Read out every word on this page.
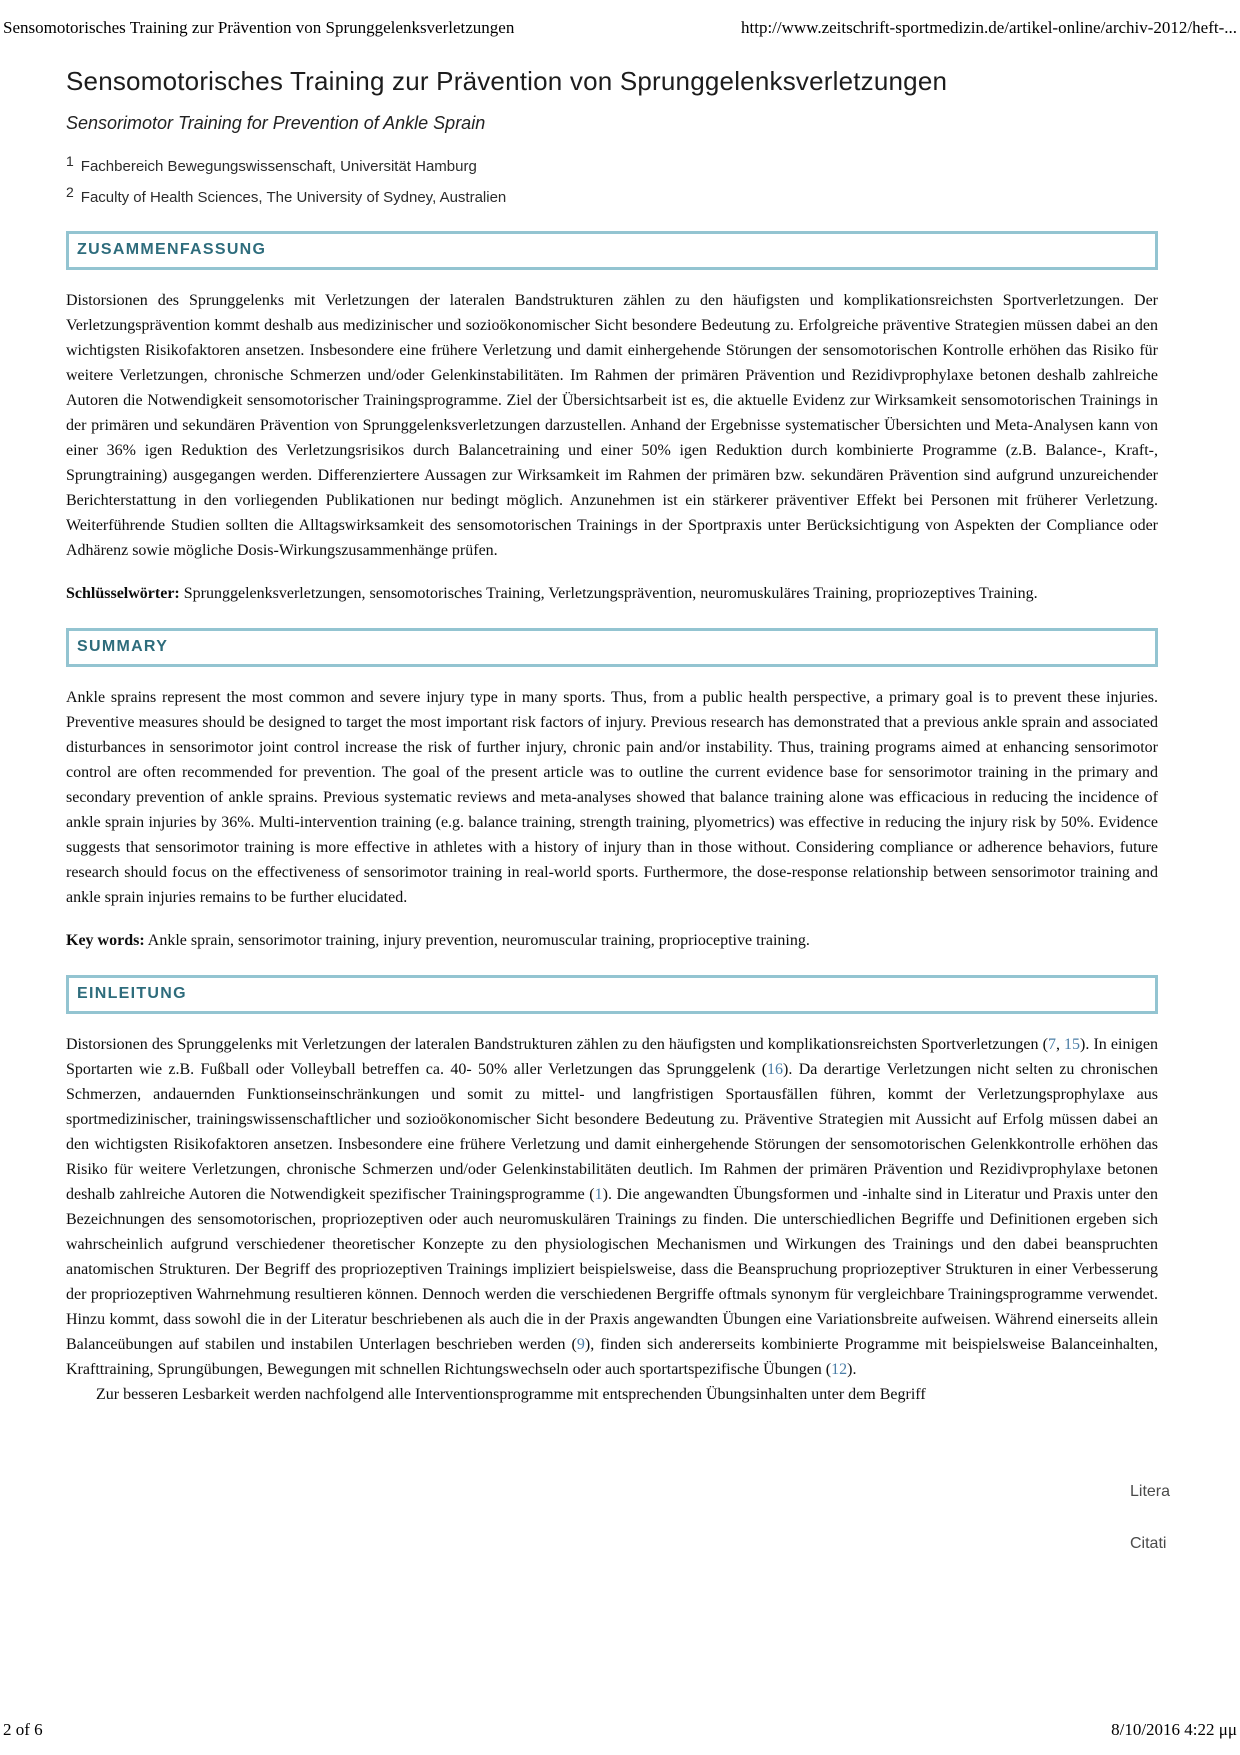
Sensomotorisches Training zur Prävention von Sprunggelenksverletzungen	http://www.zeitschrift-sportmedizin.de/artikel-online/archiv-2012/heft-...
Sensomotorisches Training zur Prävention von Sprunggelenksverletzungen
Sensorimotor Training for Prevention of Ankle Sprain
$^1$ Fachbereich Bewegungswissenschaft, Universität Hamburg
$^2$ Faculty of Health Sciences, The University of Sydney, Australien
ZUSAMMENFASSUNG

Distorsionen des Sprunggelenks mit Verletzungen der lateralen Bandstrukturen zählen zu den häufigsten und komplikationsreichsten Sportverletzungen. Der Verletzungsprävention kommt deshalb aus medizinischer und sozioökonomischer Sicht besondere Bedeutung zu. Erfolgreiche präventive Strategien müssen dabei an den wichtigsten Risikofaktoren ansetzen. Insbesondere eine frühere Verletzung und damit einhergehende Störungen der sensomotorischen Kontrolle erhöhen das Risiko für weitere Verletzungen, chronische Schmerzen und/oder Gelenkinstabilitäten. Im Rahmen der primären Prävention und Rezidivprophylaxe betonen deshalb zahlreiche Autoren die Notwendigkeit sensomotorischer Trainingsprogramme. Ziel der Übersichtsarbeit ist es, die aktuelle Evidenz zur Wirksamkeit sensomotorischen Trainings in der primären und sekundären Prävention von Sprunggelenksverletzungen darzustellen. Anhand der Ergebnisse systematischer Übersichten und Meta-Analysen kann von einer 36% igen Reduktion des Verletzungsrisikos durch Balancetraining und einer 50% igen Reduktion durch kombinierte Programme (z.B. Balance-, Kraft-, Sprungtraining) ausgegangen werden. Differenziertere Aussagen zur Wirksamkeit im Rahmen der primären bzw. sekundären Prävention sind aufgrund unzureichender Berichterstattung in den vorliegenden Publikationen nur bedingt möglich. Anzunehmen ist ein stärkerer präventiver Effekt bei Personen mit früherer Verletzung. Weiterführende Studien sollten die Alltagswirksamkeit des sensomotorischen Trainings in der Sportpraxis unter Berücksichtigung von Aspekten der Compliance oder Adhärenz sowie mögliche Dosis-Wirkungszusammenhänge prüfen.

Schlüsselwörter: Sprunggelenksverletzungen, sensomotorisches Training, Verletzungsprävention, neuromuskuläres Training, propriozeptives Training.

SUMMARY

Ankle sprains represent the most common and severe injury type in many sports. Thus, from a public health perspective, a primary goal is to prevent these injuries. Preventive measures should be designed to target the most important risk factors of injury. Previous research has demonstrated that a previous ankle sprain and associated disturbances in sensorimotor joint control increase the risk of further injury, chronic pain and/or instability. Thus, training programs aimed at enhancing sensorimotor control are often recommended for prevention. The goal of the present article was to outline the current evidence base for sensorimotor training in the primary and secondary prevention of ankle sprains. Previous systematic reviews and meta-analyses showed that balance training alone was efficacious in reducing the incidence of ankle sprain injuries by 36%. Multi-intervention training (e.g. balance training, strength training, plyometrics) was effective in reducing the injury risk by 50%. Evidence suggests that sensorimotor training is more effective in athletes with a history of injury than in those without. Considering compliance or adherence behaviors, future research should focus on the effectiveness of sensorimotor training in real-world sports. Furthermore, the dose-response relationship between sensorimotor training and ankle sprain injuries remains to be further elucidated.

Key words: Ankle sprain, sensorimotor training, injury prevention, neuromuscular training, proprioceptive training.

EINLEITUNG

Distorsionen des Sprunggelenks mit Verletzungen der lateralen Bandstrukturen zählen zu den häufigsten und komplikationsreichsten Sportverletzungen (7, 15). In einigen Sportarten wie z.B. Fußball oder Volleyball betreffen ca. 40- 50% aller Verletzungen das Sprunggelenk (16). Da derartige Verletzungen nicht selten zu chronischen Schmerzen, andauernden Funktionseinschränkungen und somit zu mittel- und langfristigen Sportausfällen führen, kommt der Verletzungsprophylaxe aus sportmedizinischer, trainingswissenschaftlicher und sozioökonomischer Sicht besondere Bedeutung zu. Präventive Strategien mit Aussicht auf Erfolg müssen dabei an den wichtigsten Risikofaktoren ansetzen. Insbesondere eine frühere Verletzung und damit einhergehende Störungen der sensomotorischen Gelenkkontrolle erhöhen das Risiko für weitere Verletzungen, chronische Schmerzen und/oder Gelenkinstabilitäten deutlich. Im Rahmen der primären Prävention und Rezidivprophylaxe betonen deshalb zahlreiche Autoren die Notwendigkeit spezifischer Trainingsprogramme (1). Die angewandten Übungsformen und -inhalte sind in Literatur und Praxis unter den Bezeichnungen des sensomotorischen, propriozeptiven oder auch neuromuskulären Trainings zu finden. Die unterschiedlichen Begriffe und Definitionen ergeben sich wahrscheinlich aufgrund verschiedener theoretischer Konzepte zu den physiologischen Mechanismen und Wirkungen des Trainings und den dabei beanspruchten anatomischen Strukturen. Der Begriff des propriozeptiven Trainings impliziert beispielsweise, dass die Beanspruchung propriozeptiver Strukturen in einer Verbesserung der propriozeptiven Wahrnehmung resultieren können. Dennoch werden die verschiedenen Bergriffe oftmals synonym für vergleichbare Trainingsprogramme verwendet. Hinzu kommt, dass sowohl die in der Literatur beschriebenen als auch die in der Praxis angewandten Übungen eine Variationsbreite aufweisen. Während einerseits allein Balanceübungen auf stabilen und instabilen Unterlagen beschrieben werden (9), finden sich andererseits kombinierte Programme mit beispielsweise Balanceinhalten, Krafttraining, Sprungübungen, Bewegungen mit schnellen Richtungswechseln oder auch sportartspezifische Übungen (12).

Zur besseren Lesbarkeit werden nachfolgend alle Interventionsprogramme mit entsprechenden Übungsinhalten unter dem Begriff

Litera
Citati
2 of 6	8/10/2016 4:22 μμ
